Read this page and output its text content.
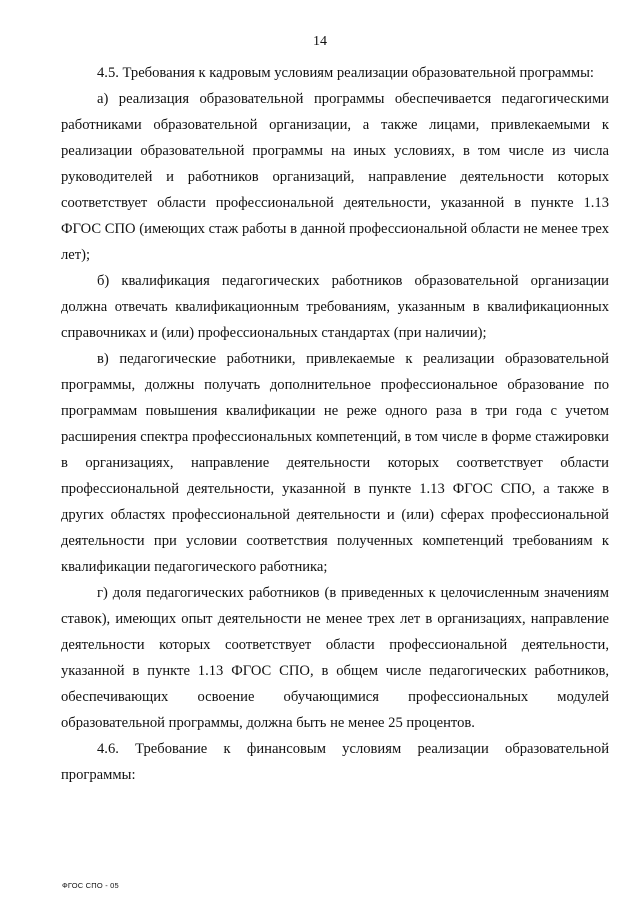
14

4.5. Требования к кадровым условиям реализации образовательной программы:

а) реализация образовательной программы обеспечивается педагогическими работниками образовательной организации, а также лицами, привлекаемыми к реализации образовательной программы на иных условиях, в том числе из числа руководителей и работников организаций, направление деятельности которых соответствует области профессиональной деятельности, указанной в пункте 1.13 ФГОС СПО (имеющих стаж работы в данной профессиональной области не менее трех лет);

б) квалификация педагогических работников образовательной организации должна отвечать квалификационным требованиям, указанным в квалификационных справочниках и (или) профессиональных стандартах (при наличии);

в) педагогические работники, привлекаемые к реализации образовательной программы, должны получать дополнительное профессиональное образование по программам повышения квалификации не реже одного раза в три года с учетом расширения спектра профессиональных компетенций, в том числе в форме стажировки в организациях, направление деятельности которых соответствует области профессиональной деятельности, указанной в пункте 1.13 ФГОС СПО, а также в других областях профессиональной деятельности и (или) сферах профессиональной деятельности при условии соответствия полученных компетенций требованиям к квалификации педагогического работника;

г) доля педагогических работников (в приведенных к целочисленным значениям ставок), имеющих опыт деятельности не менее трех лет в организациях, направление деятельности которых соответствует области профессиональной деятельности, указанной в пункте 1.13 ФГОС СПО, в общем числе педагогических работников, обеспечивающих освоение обучающимися профессиональных модулей образовательной программы, должна быть не менее 25 процентов.

4.6. Требование к финансовым условиям реализации образовательной программы:

ФГОС СПО - 05
